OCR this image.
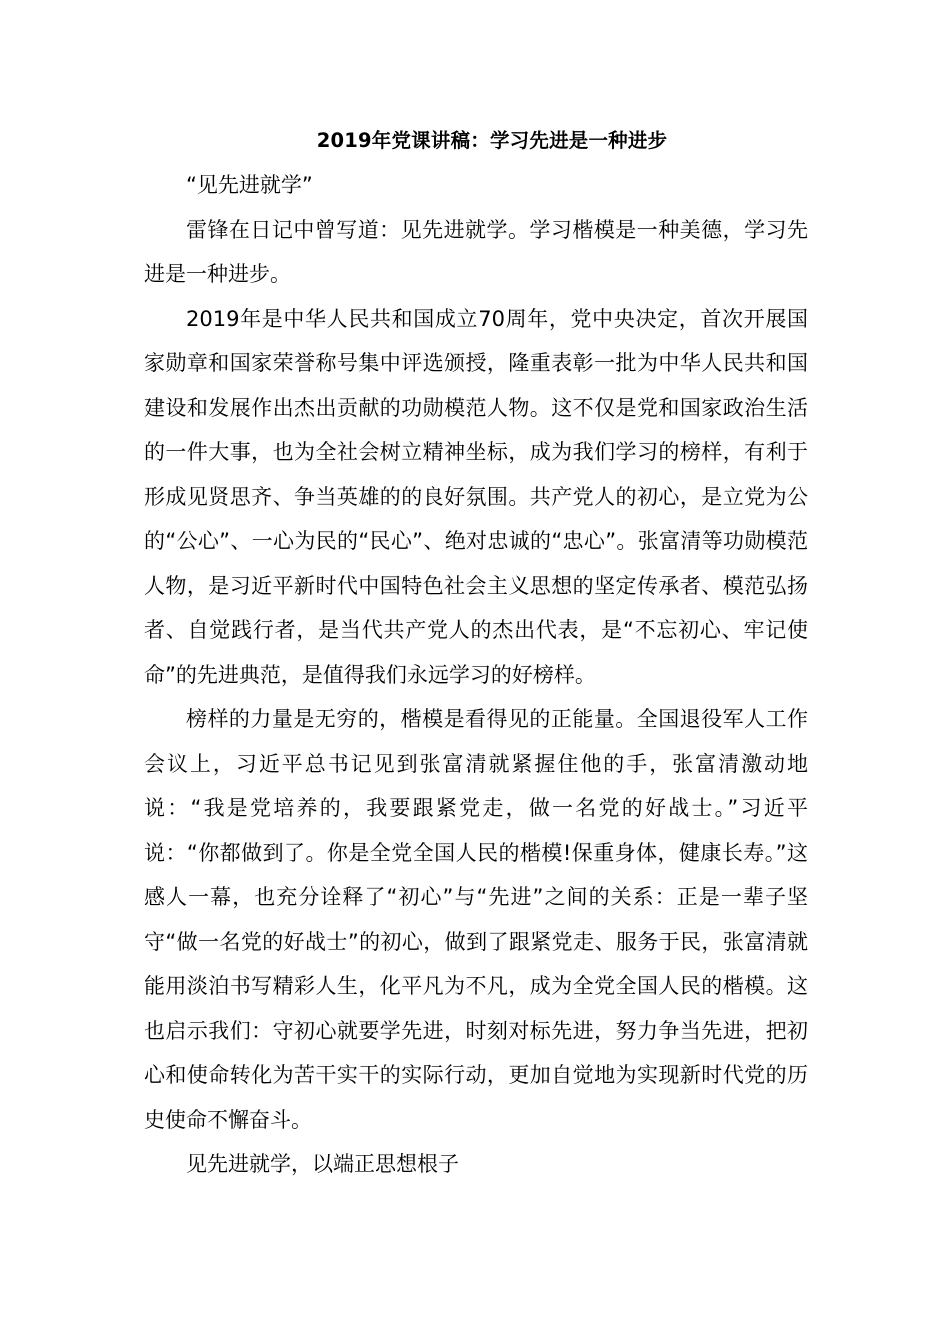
2019年党课讲稿：学习先进是一种进步

“见先进就学”

雷锋在日记中曾写道：见先进就学。学习楷模是一种美德，学习先进是一种进步。

2019年是中华人民共和国成立70周年，党中央决定，首次开展国家勋章和国家荣誉称号集中评选颁授，隆重表彰一批为中华人民共和国建设和发展作出杰出贡献的功勋模范人物。这不仅是党和国家政治生活的一件大事，也为全社会树立精神坐标，成为我们学习的榜样，有利于形成见贤思齐、争当英雄的的良好氛围。共产党人的初心，是立党为公的“公心”、一心为民的“民心”、绝对忠诚的“忠心”。张富清等功勋模范人物，是习近平新时代中国特色社会主义思想的坚定传承者、模范弘扬者、自觉践行者，是当代共产党人的杰出代表，是“不忘初心、牢记使命”的先进典范，是值得我们永远学习的好榜样。

榜样的力量是无穷的，楷模是看得见的正能量。全国退役军人工作会议上，习近平总书记见到张富清就紧握住他的手，张富清激动地说：“我是党培养的，我要跟紧党走，做一名党的好战士。”习近平说：“你都做到了。你是全党全国人民的楷模!保重身体，健康长寿。”这感人一幕，也充分诠释了“初心”与“先进”之间的关系：正是一辈子坚守“做一名党的好战士”的初心，做到了跟紧党走、服务于民，张富清就能用淡泊书写精彩人生，化平凡为不凡，成为全党全国人民的楷模。这也启示我们：守初心就要学先进，时刻对标先进，努力争当先进，把初心和使命转化为苦干实干的实际行动，更加自觉地为实现新时代党的历史使命不懈奋斗。

见先进就学，以端正思想根子
